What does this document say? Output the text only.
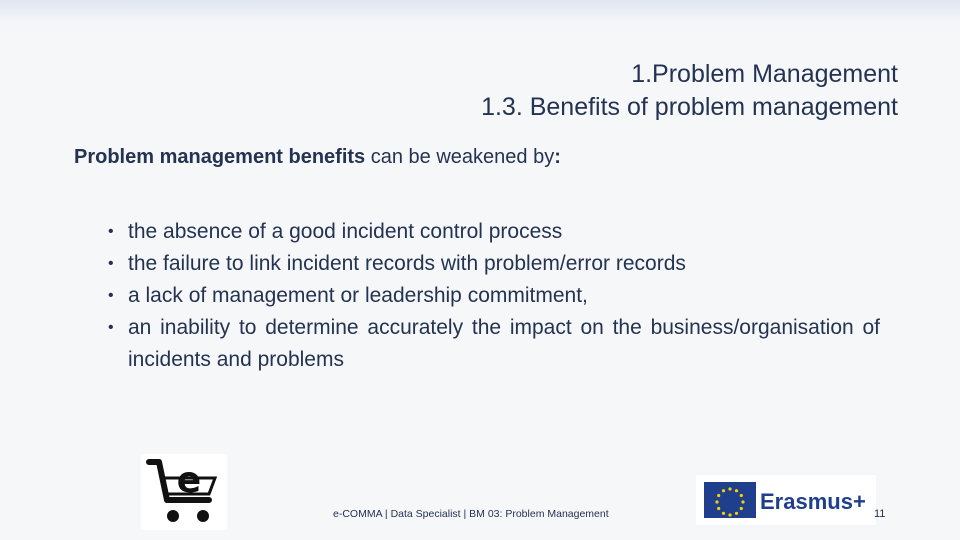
1.Problem Management
1.3. Benefits of problem management
Problem management benefits can be weakened by:
• the absence of a good incident control process
• the failure to link incident records with problem/error records
• a lack of management or leadership commitment,
• an inability to determine accurately the impact on the business/organisation of incidents and problems
e
e-COMMA | Data Specialist | BM 03: Problem Management	Erasmus+ 11
